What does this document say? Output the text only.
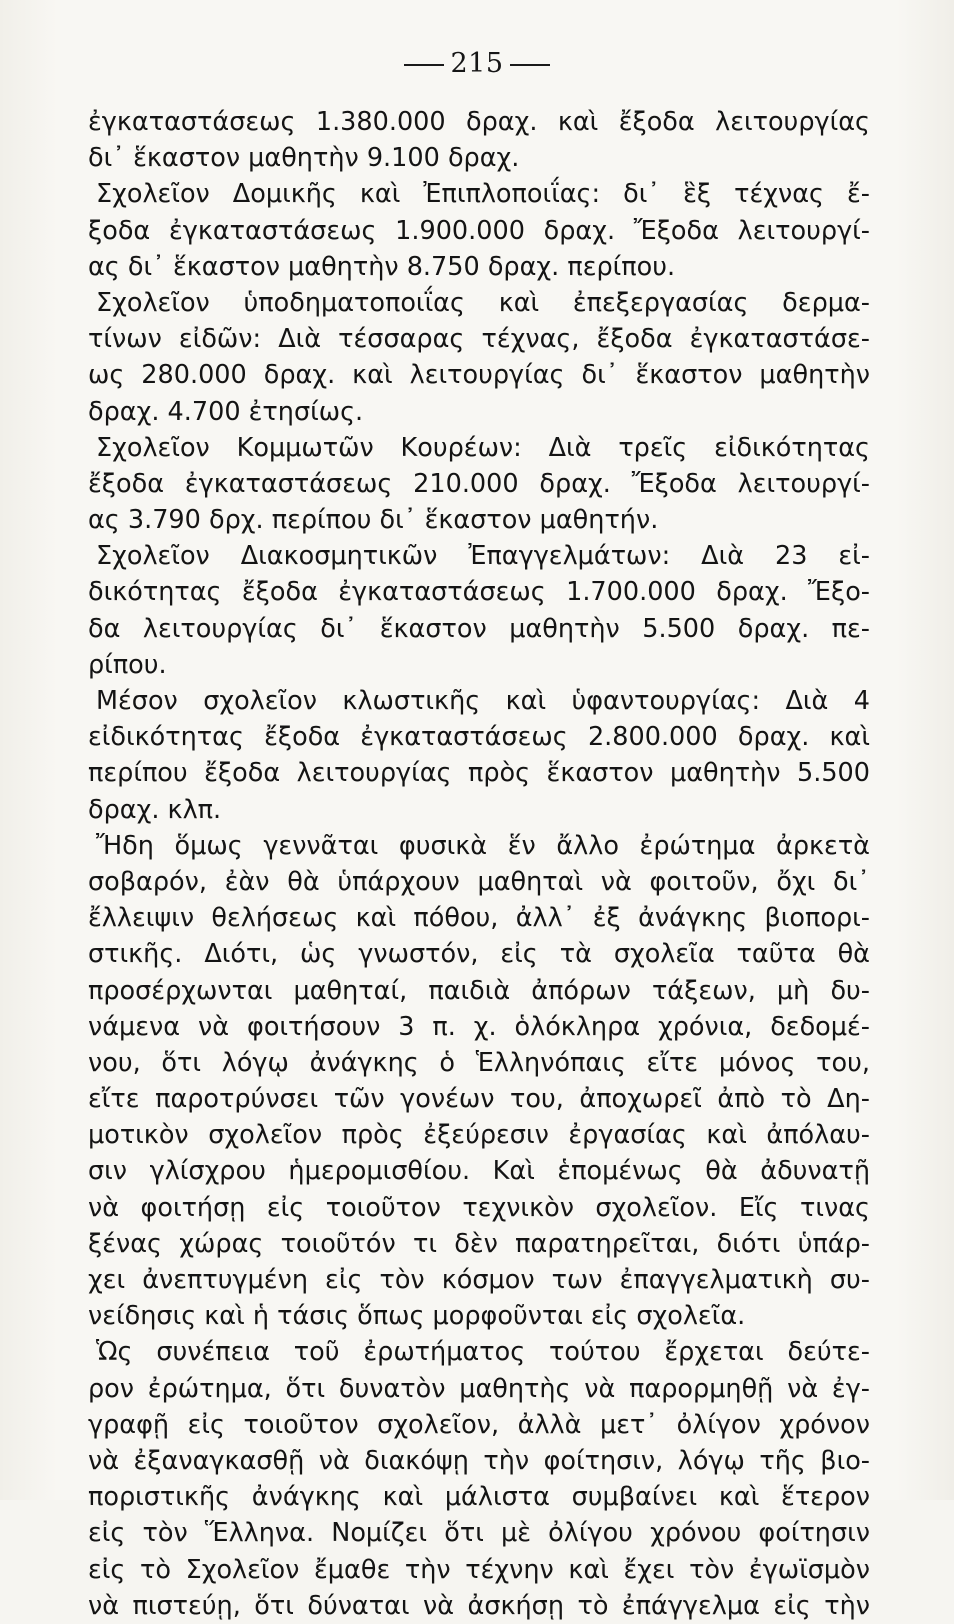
215
ἐγκαταστάσεως 1.380.000 δραχ. καὶ ἔξοδα λειτουργίας
δι᾽ ἕκαστον μαθητὴν 9.100 δραχ.
Σχολεῖον Δομικῆς καὶ Ἐπιπλοποιΐας: δι᾽ ἓξ τέχνας ἔ-
ξοδα ἐγκαταστάσεως 1.900.000 δραχ. Ἔξοδα λειτουργί-
ας δι᾽ ἕκαστον μαθητὴν 8.750 δραχ. περίπου.
Σχολεῖον ὑποδηματοποιΐας καὶ ἐπεξεργασίας δερμα-
τίνων εἰδῶν: Διὰ τέσσαρας τέχνας, ἔξοδα ἐγκαταστάσε-
ως 280.000 δραχ. καὶ λειτουργίας δι᾽ ἕκαστον μαθητὴν
δραχ. 4.700 ἐτησίως.
Σχολεῖον Κομμωτῶν Κουρέων: Διὰ τρεῖς εἰδικότητας
ἔξοδα ἐγκαταστάσεως 210.000 δραχ. Ἔξοδα λειτουργί-
ας 3.790 δρχ. περίπου δι᾽ ἕκαστον μαθητήν.
Σχολεῖον Διακοσμητικῶν Ἐπαγγελμάτων: Διὰ 23 εἰ-
δικότητας ἔξοδα ἐγκαταστάσεως 1.700.000 δραχ. Ἔξο-
δα λειτουργίας δι᾽ ἕκαστον μαθητὴν 5.500 δραχ. πε-
ρίπου.
Μέσον σχολεῖον κλωστικῆς καὶ ὑφαντουργίας: Διὰ 4
εἰδικότητας ἔξοδα ἐγκαταστάσεως 2.800.000 δραχ. καὶ
περίπου ἔξοδα λειτουργίας πρὸς ἕκαστον μαθητὴν 5.500
δραχ. κλπ.
Ἤδη ὅμως γεννᾶται φυσικὰ ἕν ἄλλο ἐρώτημα ἀρκετὰ
σοβαρόν, ἐὰν θὰ ὑπάρχουν μαθηταὶ νὰ φοιτοῦν, ὄχι δι᾽
ἔλλειψιν θελήσεως καὶ πόθου, ἀλλ᾽ ἐξ ἀνάγκης βιοπορι-
στικῆς. Διότι, ὡς γνωστόν, εἰς τὰ σχολεῖα ταῦτα θὰ
προσέρχωνται μαθηταί, παιδιὰ ἀπόρων τάξεων, μὴ δυ-
νάμενα νὰ φοιτήσουν 3 π. χ. ὁλόκληρα χρόνια, δεδομέ-
νου, ὅτι λόγῳ ἀνάγκης ὁ Ἑλληνόπαις εἴτε μόνος του,
εἴτε παροτρύνσει τῶν γονέων του, ἀποχωρεῖ ἀπὸ τὸ Δη-
μοτικὸν σχολεῖον πρὸς ἐξεύρεσιν ἐργασίας καὶ ἀπόλαυ-
σιν γλίσχρου ἡμερομισθίου. Καὶ ἑπομένως θὰ ἀδυνατῇ
νὰ φοιτήσῃ εἰς τοιοῦτον τεχνικὸν σχολεῖον. Εἴς τινας
ξένας χώρας τοιοῦτόν τι δὲν παρατηρεῖται, διότι ὑπάρ-
χει ἀνεπτυγμένη εἰς τὸν κόσμον των ἐπαγγελματικὴ συ-
νείδησις καὶ ἡ τάσις ὅπως μορφοῦνται εἰς σχολεῖα.
Ὡς συνέπεια τοῦ ἐρωτήματος τούτου ἔρχεται δεύτε-
ρον ἐρώτημα, ὅτι δυνατὸν μαθητὴς νὰ παρορμηθῇ νὰ ἐγ-
γραφῇ εἰς τοιοῦτον σχολεῖον, ἀλλὰ μετ᾽ ὀλίγον χρόνον
νὰ ἐξαναγκασθῇ νὰ διακόψῃ τὴν φοίτησιν, λόγῳ τῆς βιο-
ποριστικῆς ἀνάγκης καὶ μάλιστα συμβαίνει καὶ ἕτερον
εἰς τὸν Ἕλληνα. Νομίζει ὅτι μὲ ὀλίγου χρόνου φοίτησιν
εἰς τὸ Σχολεῖον ἔμαθε τὴν τέχνην καὶ ἔχει τὸν ἐγωϊσμὸν
νὰ πιστεύῃ, ὅτι δύναται νὰ ἀσκήσῃ τὸ ἐπάγγελμα εἰς τὴν
